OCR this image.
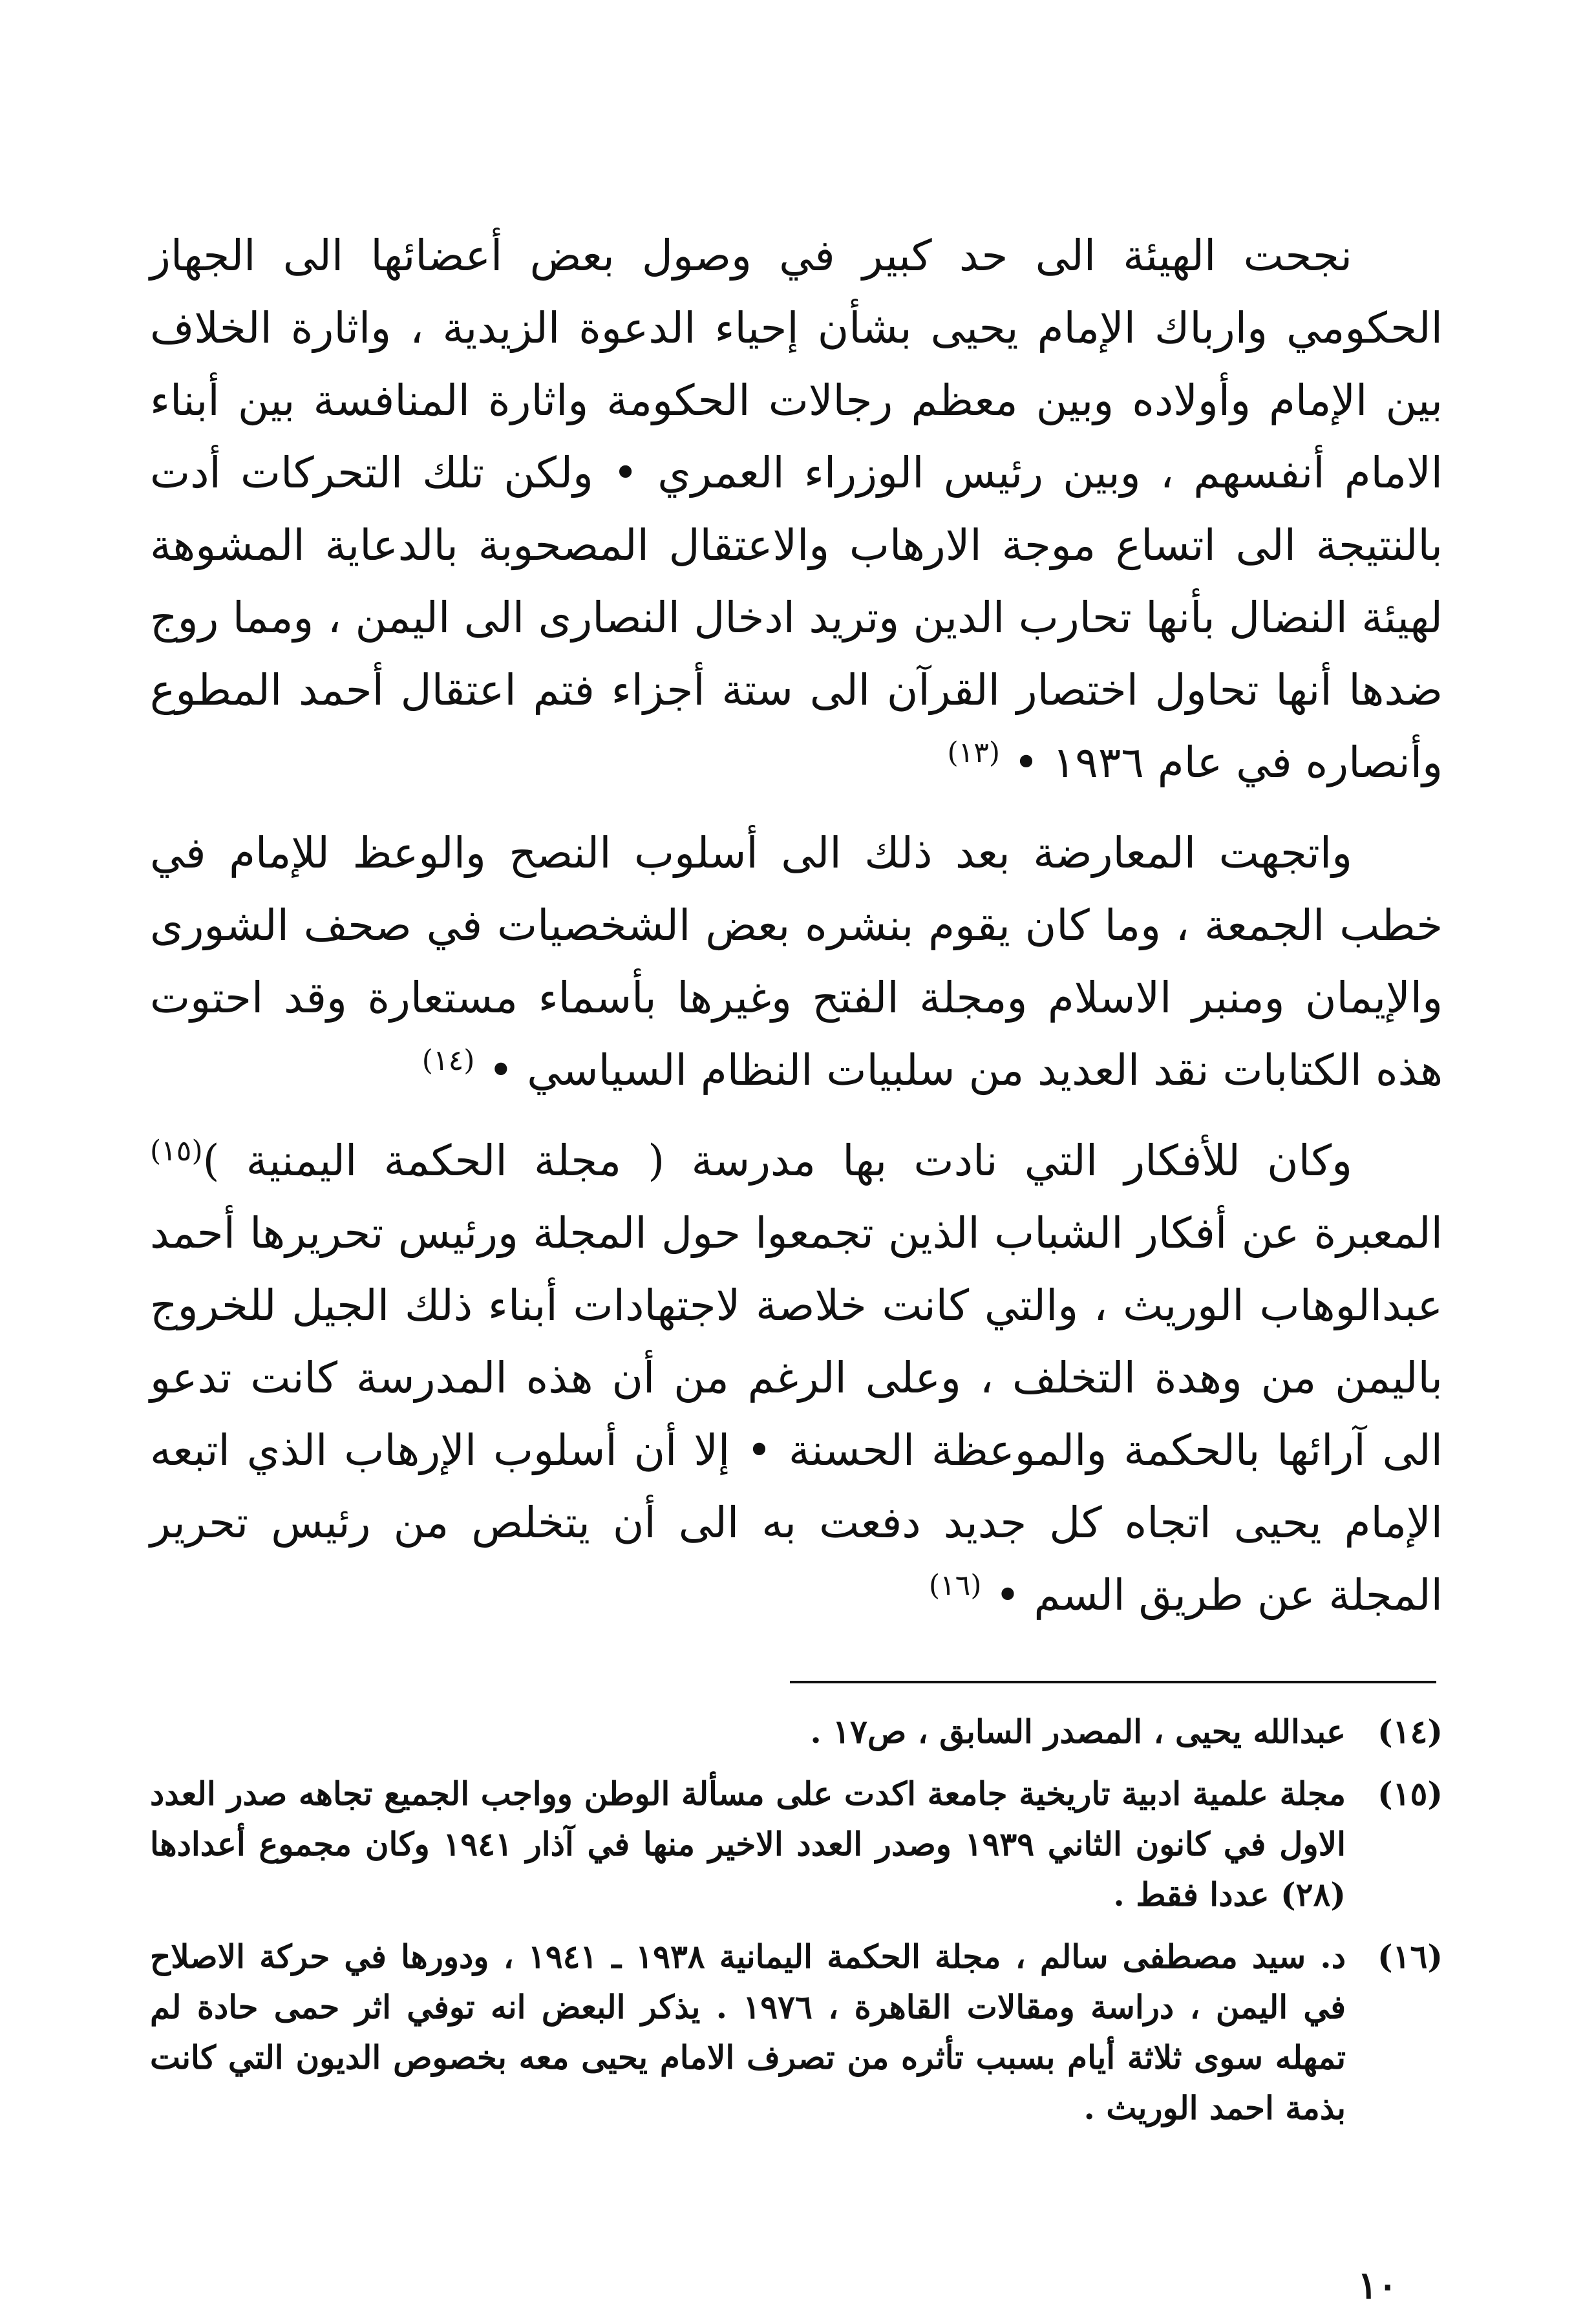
نجحت الهيئة الى حد كبير في وصول بعض أعضائها الى الجهاز الحكومي وارباك الإمام يحيى بشأن إحياء الدعوة الزيدية ، واثارة الخلاف بين الإمام وأولاده وبين معظم رجالات الحكومة واثارة المنافسة بين أبناء الامام أنفسهم ، وبين رئيس الوزراء العمري • ولكن تلك التحركات أدت بالنتيجة الى اتساع موجة الارهاب والاعتقال المصحوبة بالدعاية المشوهة لهيئة النضال بأنها تحارب الدين وتريد ادخال النصارى الى اليمن ، ومما روج ضدها أنها تحاول اختصار القرآن الى ستة أجزاء فتم اعتقال أحمد المطوع وأنصاره في عام ١٩٣٦ • $^{(١٣)}$

واتجهت المعارضة بعد ذلك الى أسلوب النصح والوعظ للإمام في خطب الجمعة ، وما كان يقوم بنشره بعض الشخصيات في صحف الشورى والإيمان ومنبر الاسلام ومجلة الفتح وغيرها بأسماء مستعارة وقد احتوت هذه الكتابات نقد العديد من سلبيات النظام السياسي • $^{(١٤)}$

وكان للأفكار التي نادت بها مدرسة ( مجلة الحكمة اليمنية )$^{(١٥)}$ المعبرة عن أفكار الشباب الذين تجمعوا حول المجلة ورئيس تحريرها أحمد عبدالوهاب الوريث ، والتي كانت خلاصة لاجتهادات أبناء ذلك الجيل للخروج باليمن من وهدة التخلف ، وعلى الرغم من أن هذه المدرسة كانت تدعو الى آرائها بالحكمة والموعظة الحسنة • إلا أن أسلوب الإرهاب الذي اتبعه الإمام يحيى اتجاه كل جديد دفعت به الى أن يتخلص من رئيس تحرير المجلة عن طريق السم • $^{(١٦)}$

(١٤)
عبدالله يحيى ، المصدر السابق ، ص١٧ .
(١٥)
مجلة علمية ادبية تاريخية جامعة اكدت على مسألة الوطن وواجب الجميع تجاهه صدر العدد الاول في كانون الثاني ١٩٣٩ وصدر العدد الاخير منها في آذار ١٩٤١ وكان مجموع أعدادها (٢٨) عددا فقط .
(١٦)
د. سيد مصطفى سالم ، مجلة الحكمة اليمانية ١٩٣٨ ـ ١٩٤١ ، ودورها في حركة الاصلاح في اليمن ، دراسة ومقالات القاهرة ، ١٩٧٦ . يذكر البعض انه توفي اثر حمى حادة لم تمهله سوى ثلاثة أيام بسبب تأثره من تصرف الامام يحيى معه بخصوص الديون التي كانت بذمة احمد الوريث .
١٠
